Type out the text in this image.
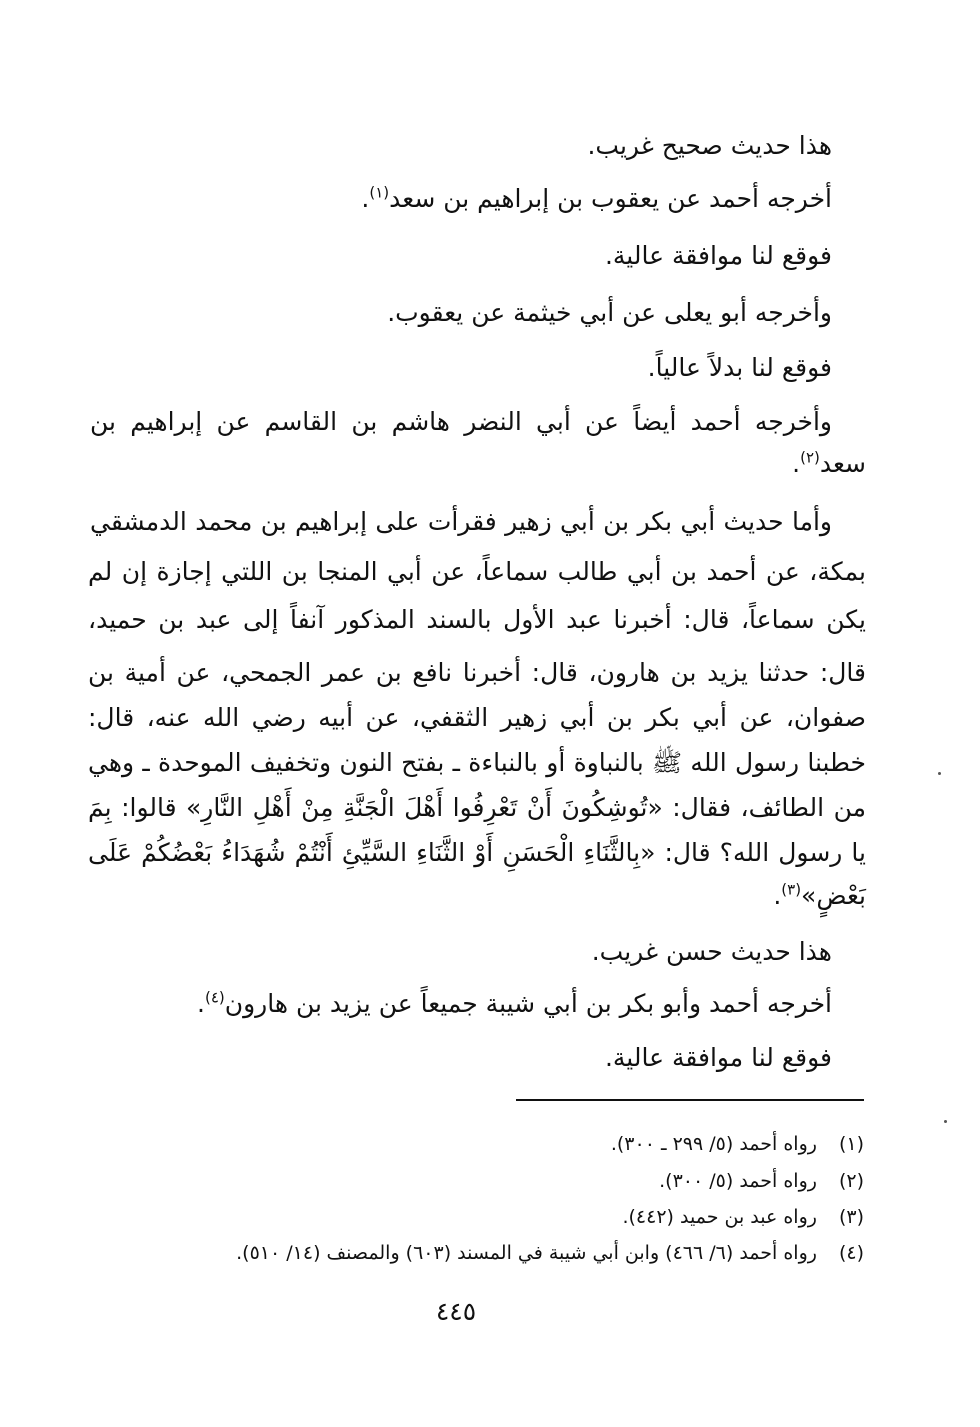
هذا حديث صحيح غريب.

أخرجه أحمد عن يعقوب بن إبراهيم بن سعد$^{(١)}$.

فوقع لنا موافقة عالية.

وأخرجه أبو يعلى عن أبي خيثمة عن يعقوب.

فوقع لنا بدلاً عالياً.

وأخرجه أحمد أيضاً عن أبي النضر هاشم بن القاسم عن إبراهيم بن

سعد$^{(٢)}$.

وأما حديث أبي بكر بن أبي زهير فقرأت على إبراهيم بن محمد الدمشقي

بمكة، عن أحمد بن أبي طالب سماعاً، عن أبي المنجا بن اللتي إجازة إن لم

يكن سماعاً، قال: أخبرنا عبد الأول بالسند المذكور آنفاً إلى عبد بن حميد،

قال: حدثنا يزيد بن هارون، قال: أخبرنا نافع بن عمر الجمحي، عن أمية بن

صفوان، عن أبي بكر بن أبي زهير الثقفي، عن أبيه رضي الله عنه، قال:

خطبنا رسول الله ﷺ بالنباوة أو بالنباءة ـ بفتح النون وتخفيف الموحدة ـ وهي

من الطائف، فقال: «تُوشِكُونَ أَنْ تَعْرِفُوا أَهْلَ الْجَنَّةِ مِنْ أَهْلِ النَّارِ» قالوا: بِمَ

يا رسول الله؟ قال: «بِالثَّنَاءِ الْحَسَنِ أَوْ الثَّنَاءِ السَّيِّئِ أَنْتُمْ شُهَدَاءُ بَعْضُكُمْ عَلَى

بَعْضٍ»$^{(٣)}$.

هذا حديث حسن غريب.

أخرجه أحمد وأبو بكر بن أبي شيبة جميعاً عن يزيد بن هارون$^{(٤)}$.

فوقع لنا موافقة عالية.

(١)رواه أحمد (٥/ ٢٩٩ ـ ٣٠٠).
(٢)رواه أحمد (٥/ ٣٠٠).
(٣)رواه عبد بن حميد (٤٤٢).
(٤)رواه أحمد (٦/ ٤٦٦) وابن أبي شيبة في المسند (٦٠٣) والمصنف (١٤/ ٥١٠).
٤٤٥
